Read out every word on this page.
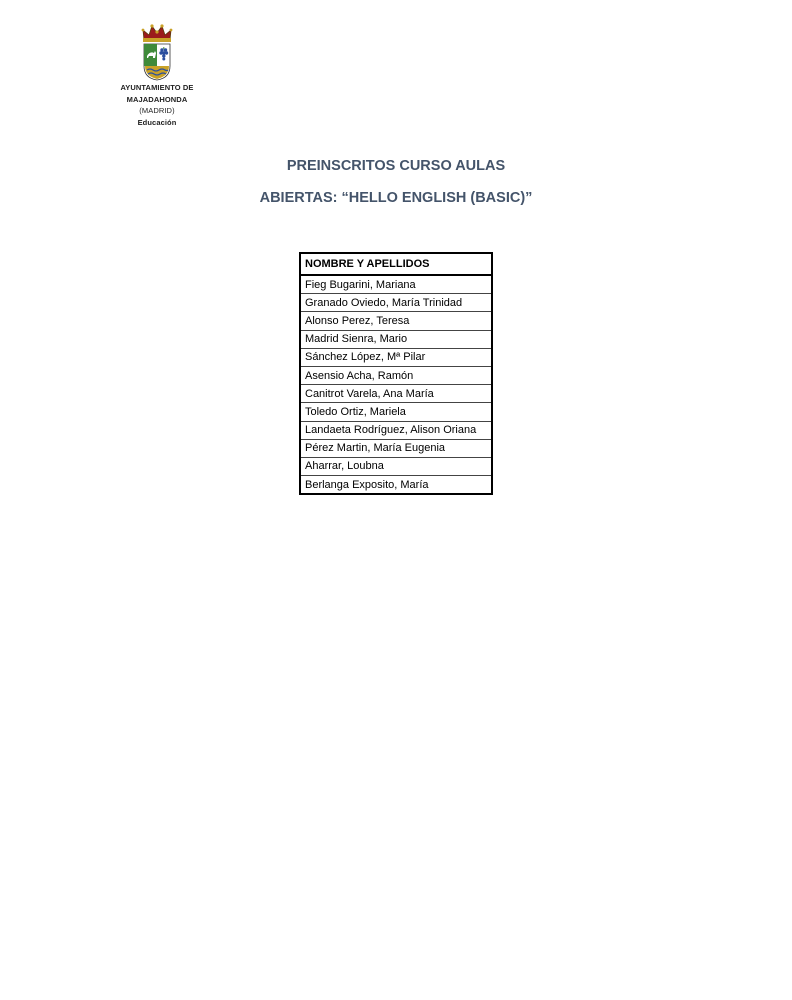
AYUNTAMIENTO DE
MAJADAHONDA
(MADRID)
Educación
PREINSCRITOS CURSO AULAS
ABIERTAS: “HELLO ENGLISH (BASIC)”
NOMBRE Y APELLIDOS
Fieg Bugarini, Mariana
Granado Oviedo, María Trinidad
Alonso Perez, Teresa
Madrid Sienra, Mario
Sánchez López, Mª Pilar
Asensio Acha, Ramón
Canitrot Varela, Ana María
Toledo Ortiz, Mariela
Landaeta Rodríguez, Alison Oriana
Pérez Martin, María Eugenia
Aharrar, Loubna
Berlanga Exposito, María
